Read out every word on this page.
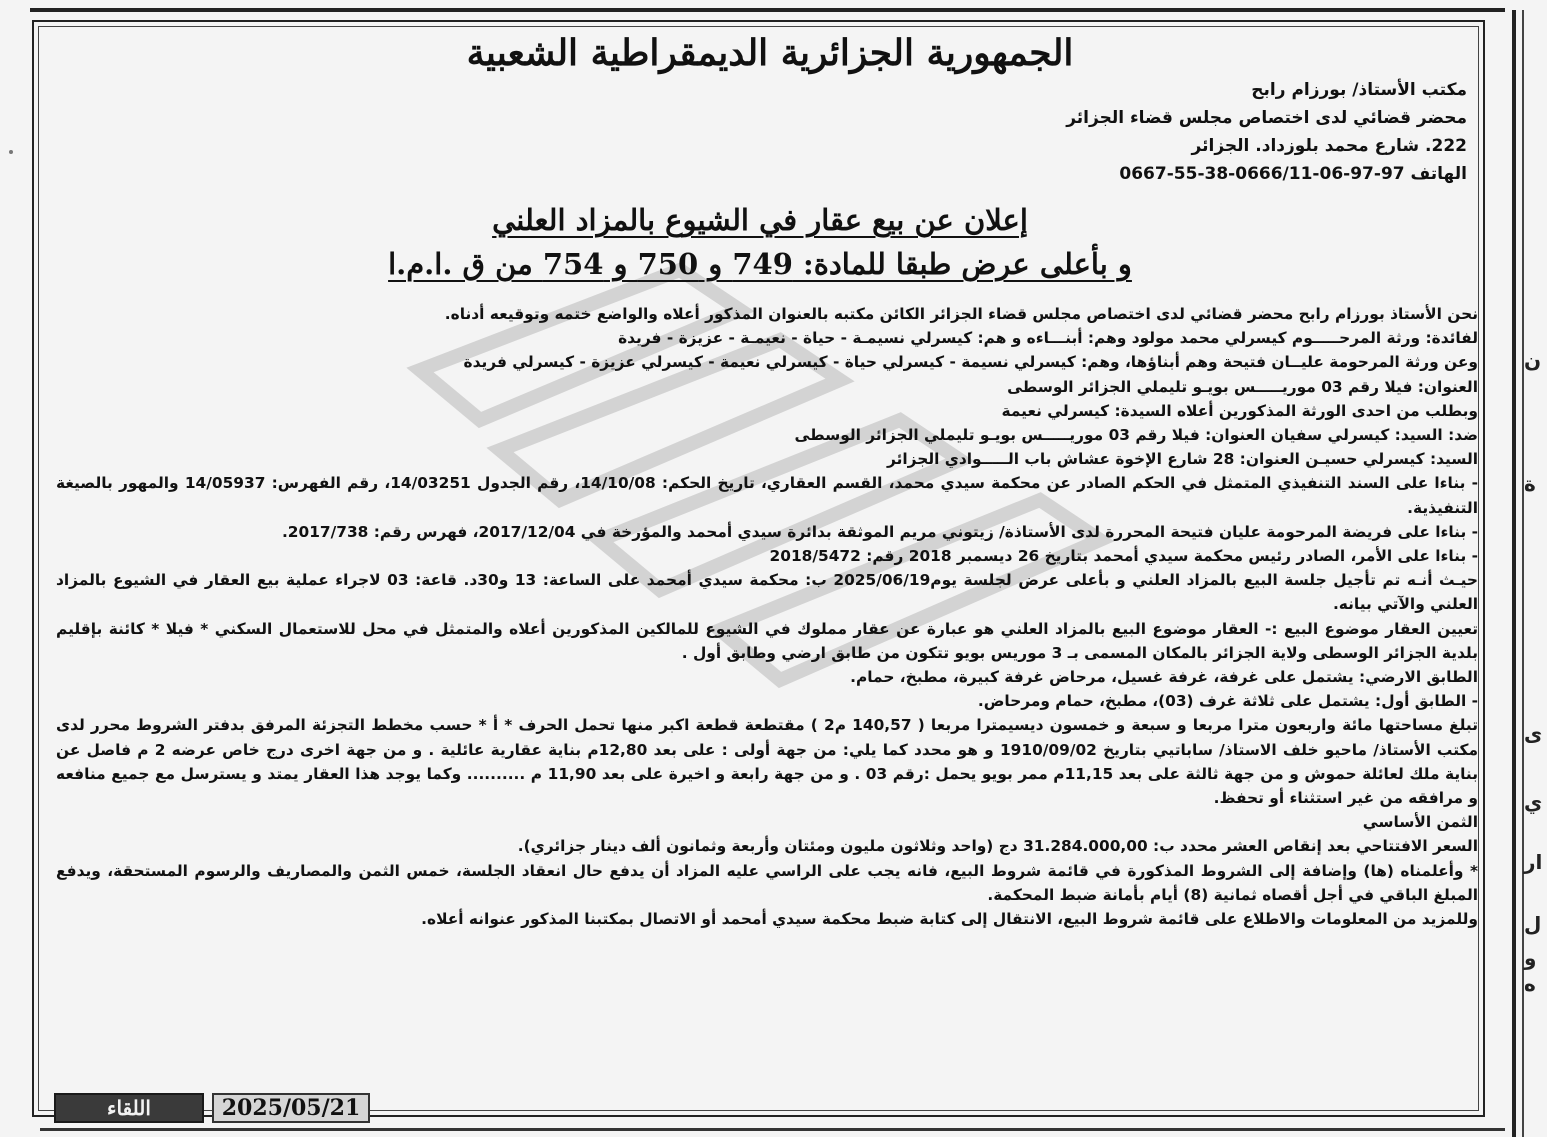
ن
ة
ى
ي
ار
ل
و
ه
الجمهورية الجزائرية الديمقراطية الشعبية
مكتب الأستاذ/ بورزام رابح
محضر قضائي لدى اختصاص مجلس قضاء الجزائر
222. شارع محمد بلوزداد. الجزائر
الهاتف 97-97-06-0666/11-38-55-0667
إعلان عن بيع عقار في الشيوع بالمزاد العلني
و بأعلى عرض طبقا للمادة: 749 و 750 و 754 من ق .ا.م.ا

نحن الأستاذ بورزام رابح محضر قضائي لدى اختصاص مجلس قضاء الجزائر الكائن مكتبه بالعنوان المذكور أعلاه والواضع ختمه وتوقيعه أدناه.

لفائدة: ورثة المرحـــــوم كيسرلي محمد مولود وهم: أبنـــاءه و هم: كيسرلي نسيمـة - حياة - نعيمـة - عزيزة - فريدة

وعن ورثة المرحومة عليــان فتيحة وهم أبناؤها، وهم: كيسرلي نسيمة - كيسرلي حياة - كيسرلي نعيمة - كيسرلي عزيزة - كيسرلي فريدة

العنوان: فيلا رقم 03 موريـــــس بويـو تليملي الجزائر الوسطى

وبطلب من احدى الورثة المذكورين أعلاه السيدة: كيسرلي نعيمة

ضد: السيد: كيسرلي سفيان العنوان: فيلا رقم 03 موريـــــس بويـو تليملي الجزائر الوسطى

السيد: كيسرلي حسيـن العنوان: 28 شارع الإخوة عشاش باب الـــــوادي الجزائر

- بناءا على السند التنفيذي المتمثل في الحكم الصادر عن محكمة سيدي محمد، القسم العقاري، تاريخ الحكم: 14/10/08، رقم الجدول 14/03251، رقم الفهرس: 14/05937 والمهور بالصيغة التنفيذية.

- بناءا على فريضة المرحومة عليان فتيحة المحررة لدى الأستاذة/ زيتوني مريم الموثقة بدائرة سيدي أمحمد والمؤرخة في 2017/12/04، فهرس رقم: 2017/738.

- بناءا على الأمر، الصادر رئيس محكمة سيدي أمحمد بتاريخ 26 ديسمبر 2018 رقم: 2018/5472

حيـث أنـه تم تأجيل جلسة البيع بالمزاد العلني و بأعلى عرض لجلسة يوم2025/06/19 ب: محكمة سيدي أمحمد على الساعة: 13 و30د. قاعة: 03 لاجراء عملية بيع العقار في الشيوع بالمزاد العلني والآتي بيانه.

تعيين العقار موضوع البيع :- العقار موضوع البيع بالمزاد العلني هو عبارة عن عقار مملوك في الشيوع للمالكين المذكورين أعلاه والمتمثل في محل للاستعمال السكني * فيلا * كائنة بإقليم بلدية الجزائر الوسطى ولاية الجزائر بالمكان المسمى بـ 3 موريس بويو تتكون من طابق ارضي وطابق أول .

الطابق الارضي: يشتمل على غرفة، غرفة غسيل، مرحاض غرفة كبيرة، مطبخ، حمام.

- الطابق أول: يشتمل على ثلاثة غرف (03)، مطبخ، حمام ومرحاض.

تبلغ مساحتها مائة واربعون مترا مربعا و سبعة و خمسون ديسيمترا مربعا ( 140,57 م2 ) مقتطعة قطعة اكبر منها تحمل الحرف * أ * حسب مخطط التجزئة المرفق بدفتر الشروط محرر لدى مكتب الأستاذ/ ماحيو خلف الاستاذ/ ساباتيي بتاريخ 1910/09/02 و هو محدد كما يلي: من جهة أولى : على بعد 12,80م بناية عقارية عائلية . و من جهة اخرى درج خاص عرضه 2 م فاصل عن بناية ملك لعائلة حموش و من جهة ثالثة على بعد 11,15م ممر بويو يحمل :رقم 03 . و من جهة رابعة و اخيرة على بعد 11,90 م .......... وكما يوجد هذا العقار يمتد و يسترسل مع جميع منافعه و مرافقه من غير استثناء أو تحفظ.

الثمن الأساسي

السعر الافتتاحي بعد إنقاص العشر محدد ب: 31.284.000,00 دج (واحد وثلاثون مليون ومئتان وأربعة وثمانون ألف دينار جزائري).

* وأعلمناه (ها) وإضافة إلى الشروط المذكورة في قائمة شروط البيع، فانه يجب على الراسي عليه المزاد أن يدفع حال انعقاد الجلسة، خمس الثمن والمصاريف والرسوم المستحقة، ويدفع المبلغ الباقي في أجل أقصاه ثمانية (8) أيام بأمانة ضبط المحكمة.

وللمزيد من المعلومات والاطلاع على قائمة شروط البيع، الانتقال إلى كتابة ضبط محكمة سيدي أمحمد أو الاتصال بمكتبنا المذكور عنوانه أعلاه.

اللقاء	2025/05/21
